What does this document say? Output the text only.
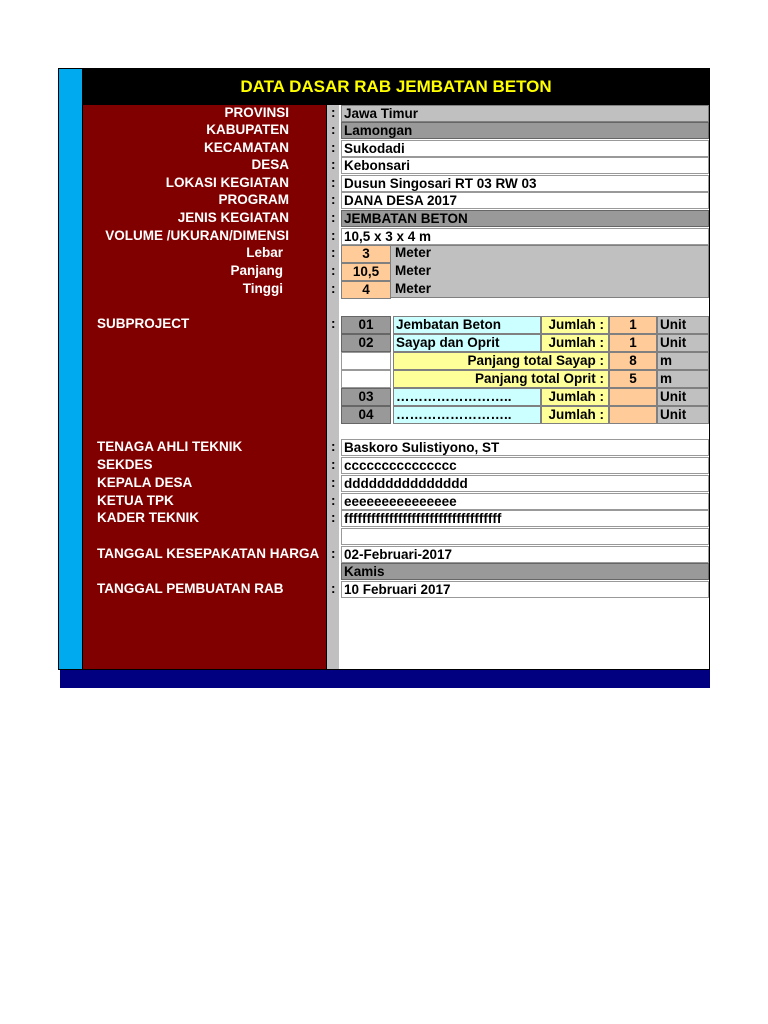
DATA DASAR RAB JEMBATAN BETON
PROVINSI	: Jawa Timur
KABUPATEN	: Lamongan
KECAMATAN	: Sukodadi
DESA	: Kebonsari
LOKASI KEGIATAN	: Dusun Singosari RT 03 RW 03
PROGRAM	: DANA DESA 2017
JENIS KEGIATAN	: JEMBATAN BETON
VOLUME /UKURAN/DIMENSI	: 10,5 x 3 x 4 m
Lebar	:	3	Meter
Panjang	:	10,5	Meter
Tinggi	:	4	Meter
SUBPROJECT	:	01	Jembatan Beton	Jumlah :	1	Unit
02	Sayap dan Oprit	Jumlah :	1	Unit
Panjang total Sayap :	8	m
Panjang total Oprit :	5	m
03	……………………..	Jumlah :	Unit
04	……………………..	Jumlah :	Unit
TENAGA AHLI TEKNIK	: Baskoro Sulistiyono, ST
SEKDES	: ccccccccccccccc
KEPALA DESA	: ddddddddddddddd
KETUA TPK	: eeeeeeeeeeeeeee
KADER TEKNIK	: fffffffffffffffffffffffffffffffffff
TANGGAL KESEPAKATAN HARGA : 02-Februari-2017
Kamis
TANGGAL PEMBUATAN RAB	: 10 Februari 2017
